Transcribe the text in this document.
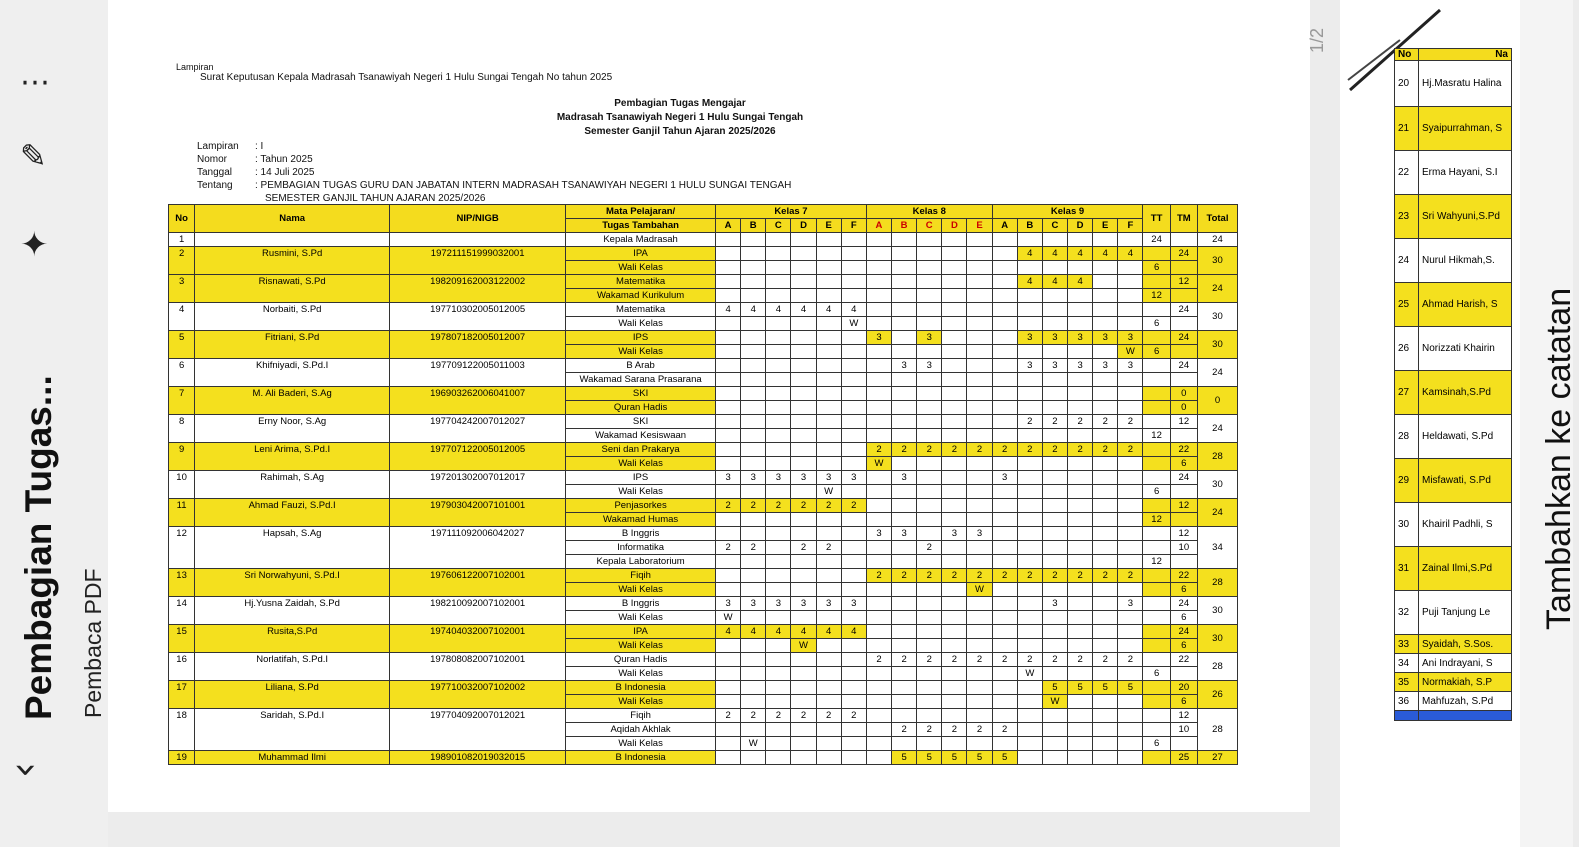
⋯
✎
✦
Pembagian Tugas... Pembaca PDF
‹
1/2
Lampiran
Surat Keputusan Kepala Madrasah Tsanawiyah Negeri 1 Hulu Sungai Tengah No tahun 2025
Pembagian Tugas Mengajar
Madrasah Tsanawiyah Negeri 1 Hulu Sungai Tengah
Semester Ganjil Tahun Ajaran 2025/2026
Lampiran : I
Nomor	: Tahun 2025
Tanggal : 14 Juli 2025
Tentang : PEMBAGIAN TUGAS GURU DAN JABATAN INTERN MADRASAH TSANAWIYAH NEGERI 1 HULU SUNGAI TENGAH
SEMESTER GANJIL TAHUN AJARAN 2025/2026
No	Nama	NIP/NIGB	Mata Pelajaran/	Kelas 7						Kelas 8					Kelas 9						TT	TM	Total
			Tugas Tambahan	A	B	C	D	E	F	A	B	C	D	E	A	B	C	D	E	F			
1			Kepala Madrasah																		24		24
2	Rusmini, S.Pd	197211151999032001	IPA													4	4	4	4	4		24	30
			Wali Kelas																		6		
3	Risnawati, S.Pd	198209162003122002	Matematika													4	4	4				12	24
			Wakamad Kurikulum																		12		
4	Norbaiti, S.Pd	197710302005012005	Matematika	4	4	4	4	4	4													24	30
			Wali Kelas						W												6		
5	Fitriani, S.Pd	197807182005012007	IPS							3		3				3	3	3	3	3		24	30
			Wali Kelas																	W	6		
6	Khifniyadi, S.Pd.I	197709122005011003	B Arab								3	3				3	3	3	3	3		24	24
			Wakamad Sarana Prasarana																				
7	M. Ali Baderi, S.Ag	196903262006041007	SKI																			0	0
			Quran Hadis																			0	
8	Erny Noor, S.Ag	197704242007012027	SKI													2	2	2	2	2		12	24
			Wakamad Kesiswaan																		12		
9	Leni Arima, S.Pd.I	197707122005012005	Seni dan Prakarya							2	2	2	2	2	2	2	2	2	2	2		22	28
			Wali Kelas							W												6	
10	Rahimah, S.Ag	197201302007012017	IPS	3	3	3	3	3	3		3				3							24	30
			Wali Kelas					W													6		
11	Ahmad Fauzi, S.Pd.I	197903042007101001	Penjasorkes	2	2	2	2	2	2													12	24
			Wakamad Humas																		12		
12	Hapsah, S.Ag	197111092006042027	B Inggris							3	3		3	3								12	34
			Informatika	2	2		2	2				2										10	
			Kepala Laboratorium																		12		
13	Sri Norwahyuni, S.Pd.I	197606122007102001	Fiqih							2	2	2	2	2	2	2	2	2	2	2		22	28
			Wali Kelas											W								6	
14	Hj.Yusna Zaidah, S.Pd	198210092007102001	B Inggris	3	3	3	3	3	3								3			3		24	30
			Wali Kelas	W																		6	
15	Rusita,S.Pd	197404032007102001	IPA	4	4	4	4	4	4													24	30
			Wali Kelas				W															6	
16	Norlatifah, S.Pd.I	197808082007102001	Quran Hadis							2	2	2	2	2	2	2	2	2	2	2		22	28
			Wali Kelas													W					6		
17	Liliana, S.Pd	197710032007102002	B Indonesia														5	5	5	5		20	26
			Wali Kelas														W					6	
18	Saridah, S.Pd.I	197704092007012021	Fiqih	2	2	2	2	2	2													12	28
			Aqidah Akhlak								2	2	2	2	2							10	
			Wali Kelas		W																6		
19	Muhammad Ilmi	198901082019032015	B Indonesia								5	5	5	5	5							25	27
No	Na
20	Hj.Masratu Halina
21	Syaipurrahman, S
22	Erma Hayani, S.I
23	Sri Wahyuni,S.Pd
24	Nurul Hikmah,S.
25	Ahmad Harish, S
26	Norizzati Khairin
27	Kamsinah,S.Pd
28	Heldawati, S.Pd
29	Misfawati, S.Pd
30	Khairil Padhli, S
31	Zainal Ilmi,S.Pd
32	Puji Tanjung Le
33	Syaidah, S.Sos.
34	Ani Indrayani, S
35	Normakiah, S.P
36	Mahfuzah, S.Pd

Tambahkan ke catatan
